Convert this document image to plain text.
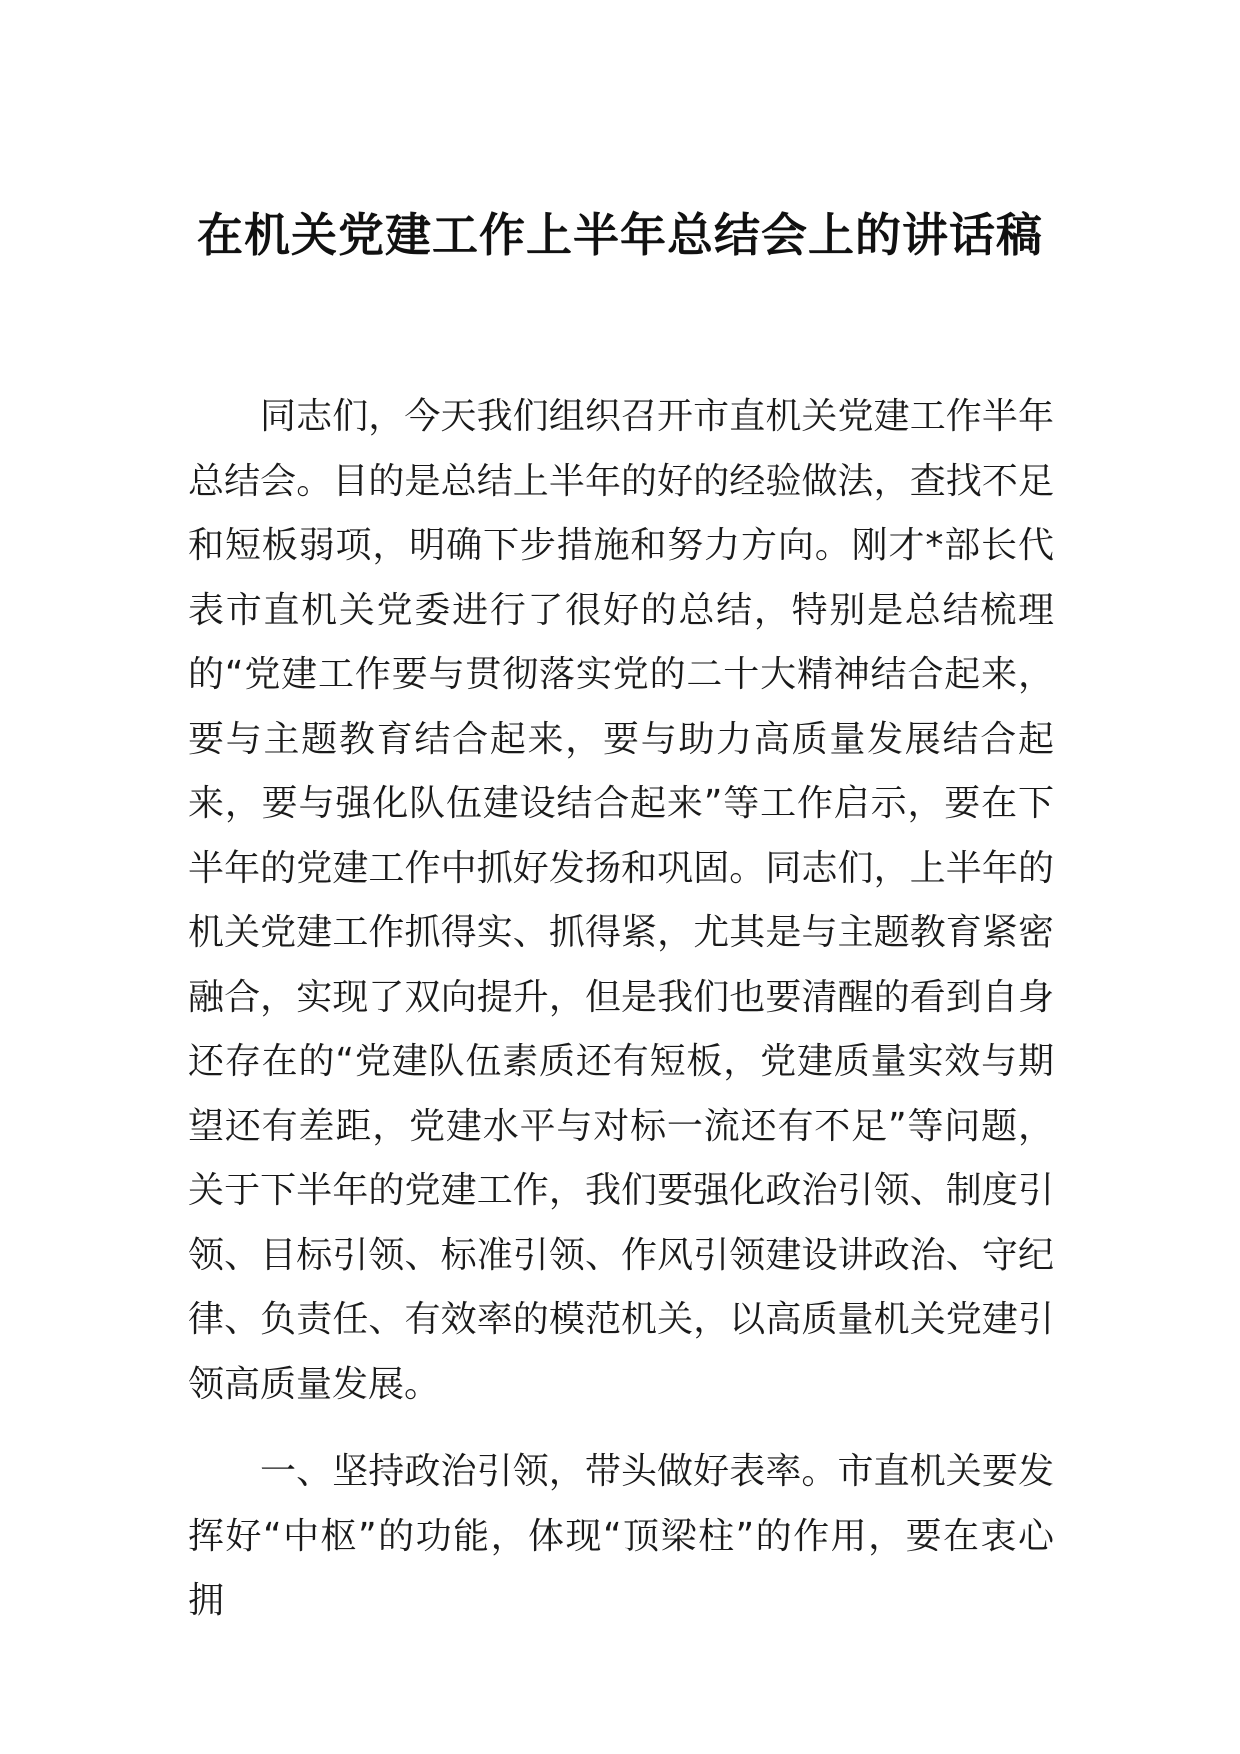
在机关党建工作上半年总结会上的讲话稿

同志们，今天我们组织召开市直机关党建工作半年总结会。目的是总结上半年的好的经验做法，查找不足和短板弱项，明确下步措施和努力方向。刚才*部长代表市直机关党委进行了很好的总结，特别是总结梳理的“党建工作要与贯彻落实党的二十大精神结合起来，要与主题教育结合起来，要与助力高质量发展结合起来，要与强化队伍建设结合起来”等工作启示，要在下半年的党建工作中抓好发扬和巩固。同志们，上半年的机关党建工作抓得实、抓得紧，尤其是与主题教育紧密融合，实现了双向提升，但是我们也要清醒的看到自身还存在的“党建队伍素质还有短板，党建质量实效与期望还有差距，党建水平与对标一流还有不足”等问题，关于下半年的党建工作，我们要强化政治引领、制度引领、目标引领、标准引领、作风引领建设讲政治、守纪律、负责任、有效率的模范机关，以高质量机关党建引领高质量发展。

一、坚持政治引领，带头做好表率。市直机关要发挥好“中枢”的功能，体现“顶梁柱”的作用，要在衷心拥
